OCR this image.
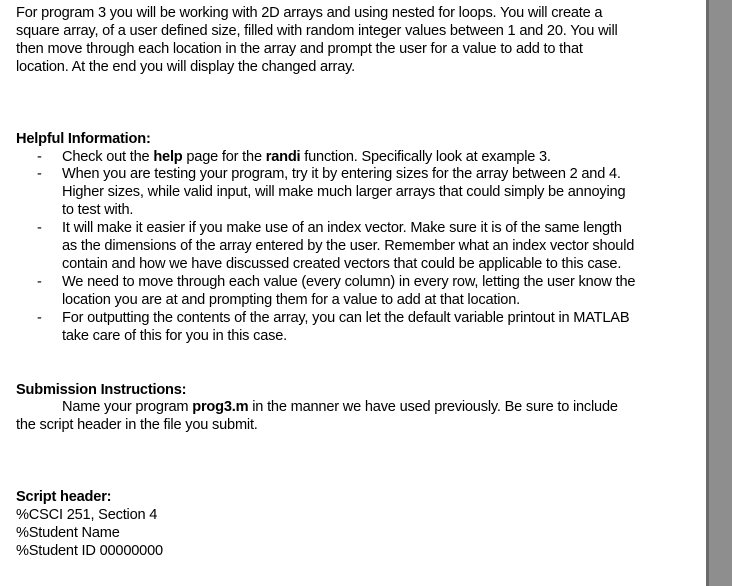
For program 3 you will be working with 2D arrays and using nested for loops. You will create a square array, of a user defined size, filled with random integer values between 1 and 20. You will then move through each location in the array and prompt the user for a value to add to that location. At the end you will display the changed array.

Helpful Information:

- Check out the help page for the randi function. Specifically look at example 3.
- When you are testing your program, try it by entering sizes for the array between 2 and 4. Higher sizes, while valid input, will make much larger arrays that could simply be annoying to test with.
- It will make it easier if you make use of an index vector. Make sure it is of the same length as the dimensions of the array entered by the user. Remember what an index vector should contain and how we have discussed created vectors that could be applicable to this case.
- We need to move through each value (every column) in every row, letting the user know the location you are at and prompting them for a value to add at that location.
- For outputting the contents of the array, you can let the default variable printout in MATLAB take care of this for you in this case.

Submission Instructions:

Name your program prog3.m in the manner we have used previously. Be sure to include the script header in the file you submit.

Script header:

%CSCI 251, Section 4

%Student Name

%Student ID 00000000
